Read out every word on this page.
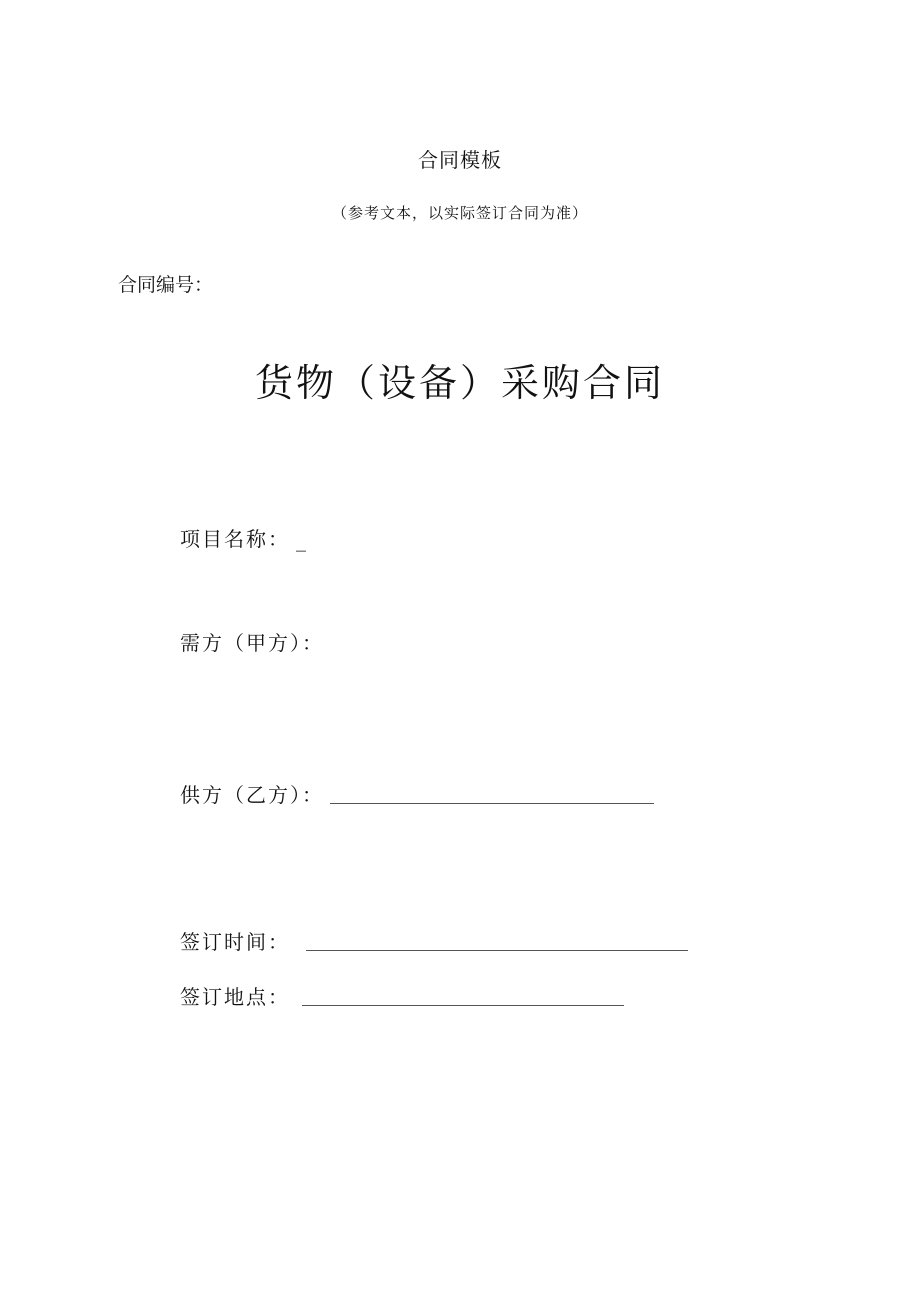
合同模板
（参考文本，以实际签订合同为准）
合同编号：
货物（设备）采购合同
项目名称： _
需方（甲方）：
供方（乙方）：
签订时间：
签订地点：
